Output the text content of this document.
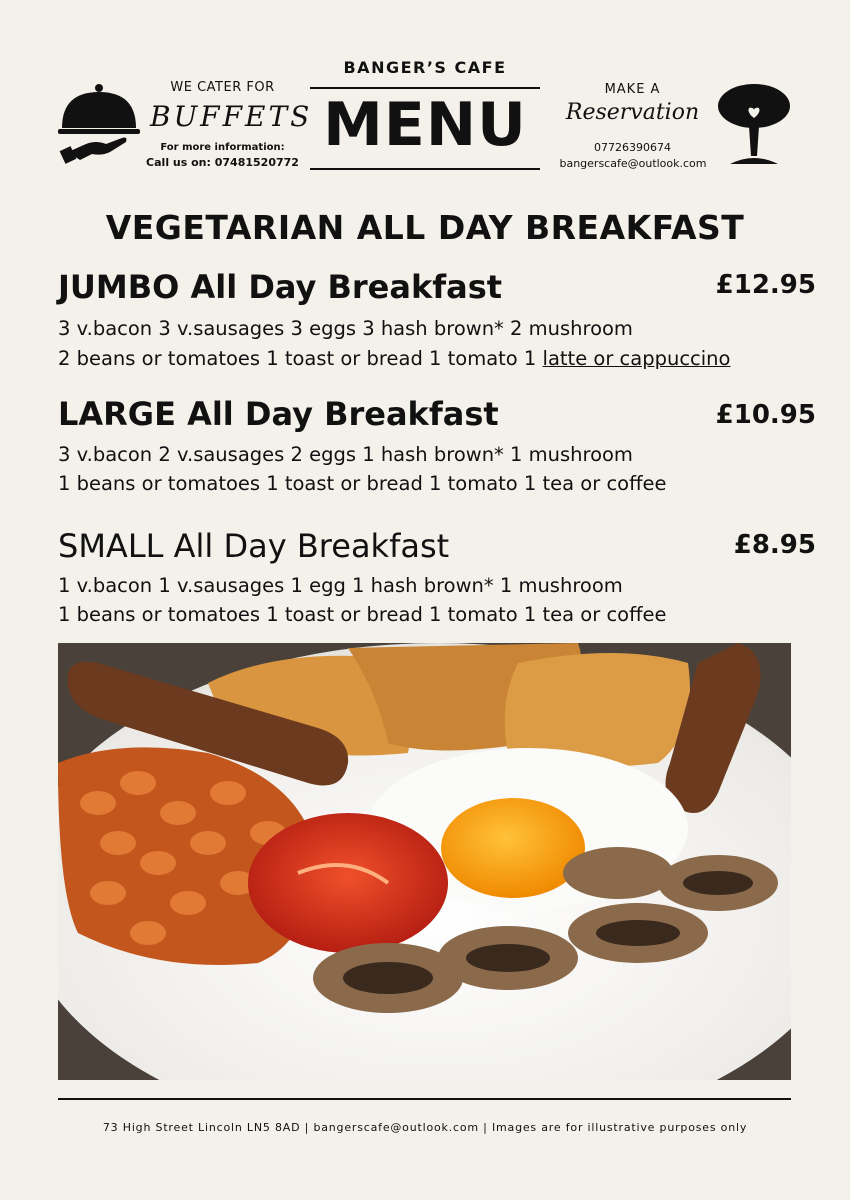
WE CATER FOR
BUFFETS
For more information:
Call us on: 07481520772
BANGER’S CAFE
MENU
MAKE A
Reservation
07726390674
bangerscafe@outlook.com
VEGETARIAN ALL DAY BREAKFAST
JUMBO All Day Breakfast	£12.95
3 v.bacon 3 v.sausages 3 eggs 3 hash brown* 2 mushroom
2 beans or tomatoes 1 toast or bread 1 tomato 1 latte or cappuccino
LARGE All Day Breakfast	£10.95
3 v.bacon 2 v.sausages 2 eggs 1 hash brown* 1 mushroom
1 beans or tomatoes 1 toast or bread 1 tomato 1 tea or coffee
SMALL All Day Breakfast	£8.95
1 v.bacon 1 v.sausages 1 egg 1 hash brown* 1 mushroom
1 beans or tomatoes 1 toast or bread 1 tomato 1 tea or coffee
73 High Street Lincoln LN5 8AD | bangerscafe@outlook.com | Images are for illustrative purposes only
